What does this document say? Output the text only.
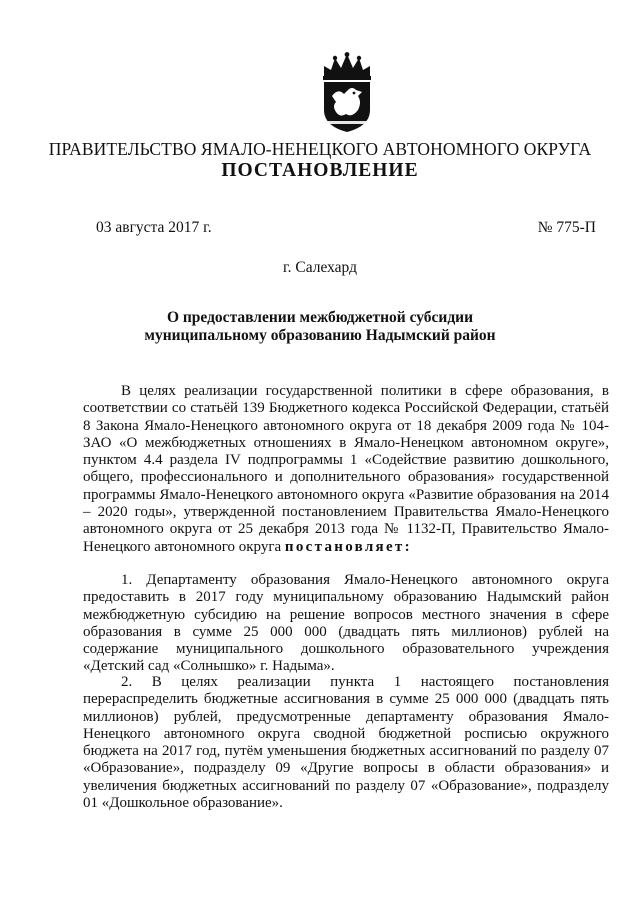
ПРАВИТЕЛЬСТВО ЯМАЛО-НЕНЕЦКОГО АВТОНОМНОГО ОКРУГА
ПОСТАНОВЛЕНИЕ
03 августа 2017 г.	№ 775-П
г. Салехард
О предоставлении межбюджетной субсидии
муниципальному образованию Надымский район

В целях реализации государственной политики в сфере образования, в соответствии со статьёй 139 Бюджетного кодекса Российской Федерации, статьёй 8 Закона Ямало-Ненецкого автономного округа от 18 декабря 2009 года № 104-ЗАО «О межбюджетных отношениях в Ямало-Ненецком автономном округе», пунктом 4.4 раздела IV подпрограммы 1 «Содействие развитию дошкольного, общего, профессионального и дополнительного образования» государственной программы Ямало-Ненецкого автономного округа «Развитие образования на 2014 – 2020 годы», утвержденной постановлением Правительства Ямало-Ненецкого автономного округа от 25 декабря 2013 года № 1132-П, Правительство Ямало-Ненецкого автономного округа постановляет:

1. Департаменту образования Ямало-Ненецкого автономного округа предоставить в 2017 году муниципальному образованию Надымский район межбюджетную субсидию на решение вопросов местного значения в сфере образования в сумме 25 000 000 (двадцать пять миллионов) рублей на содержание муниципального дошкольного образовательного учреждения «Детский сад «Солнышко» г. Надыма».

2. В целях реализации пункта 1 настоящего постановления перераспределить бюджетные ассигнования в сумме 25 000 000 (двадцать пять миллионов) рублей, предусмотренные департаменту образования Ямало-Ненецкого автономного округа сводной бюджетной росписью окружного бюджета на 2017 год, путём уменьшения бюджетных ассигнований по разделу 07 «Образование», подразделу 09 «Другие вопросы в области образования» и увеличения бюджетных ассигнований по разделу 07 «Образование», подразделу 01 «Дошкольное образование».
